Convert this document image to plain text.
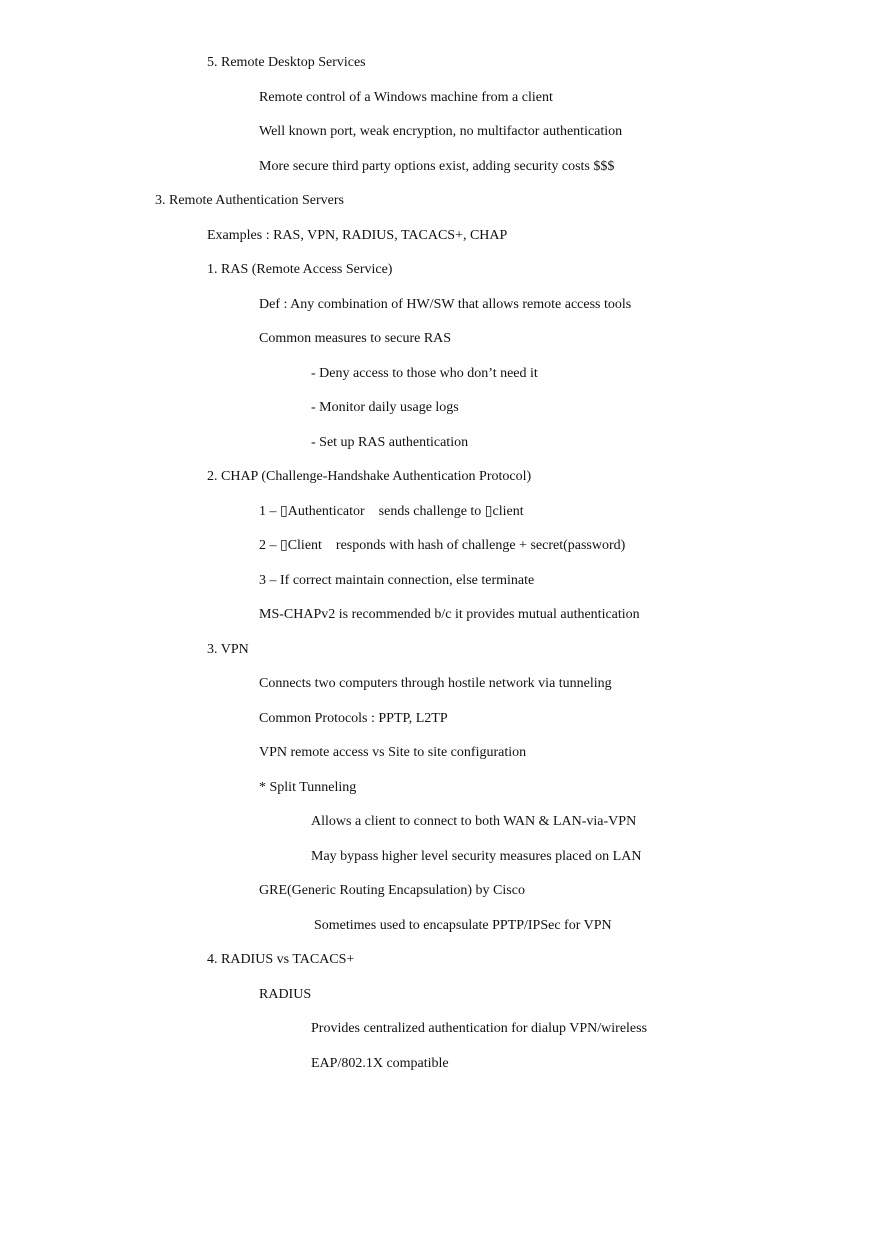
5. Remote Desktop Services
Remote control of a Windows machine from a client
Well known port, weak encryption, no multifactor authentication
More secure third party options exist, adding security costs $$$
3. Remote Authentication Servers
Examples : RAS, VPN, RADIUS, TACACS+, CHAP
1. RAS (Remote Access Service)
Def : Any combination of HW/SW that allows remote access tools
Common measures to secure RAS
- Deny access to those who don’t need it
- Monitor daily usage logs
- Set up RAS authentication
2. CHAP (Challenge-Handshake Authentication Protocol)
1 – ▯Authenticator    sends challenge to ▯client
2 – ▯Client    responds with hash of challenge + secret(password)
3 – If correct maintain connection, else terminate
MS-CHAPv2 is recommended b/c it provides mutual authentication
3. VPN
Connects two computers through hostile network via tunneling
Common Protocols : PPTP, L2TP
VPN remote access vs Site to site configuration
* Split Tunneling
Allows a client to connect to both WAN & LAN-via-VPN
May bypass higher level security measures placed on LAN
GRE(Generic Routing Encapsulation) by Cisco
Sometimes used to encapsulate PPTP/IPSec for VPN
4. RADIUS vs TACACS+
RADIUS
Provides centralized authentication for dialup VPN/wireless
EAP/802.1X compatible
